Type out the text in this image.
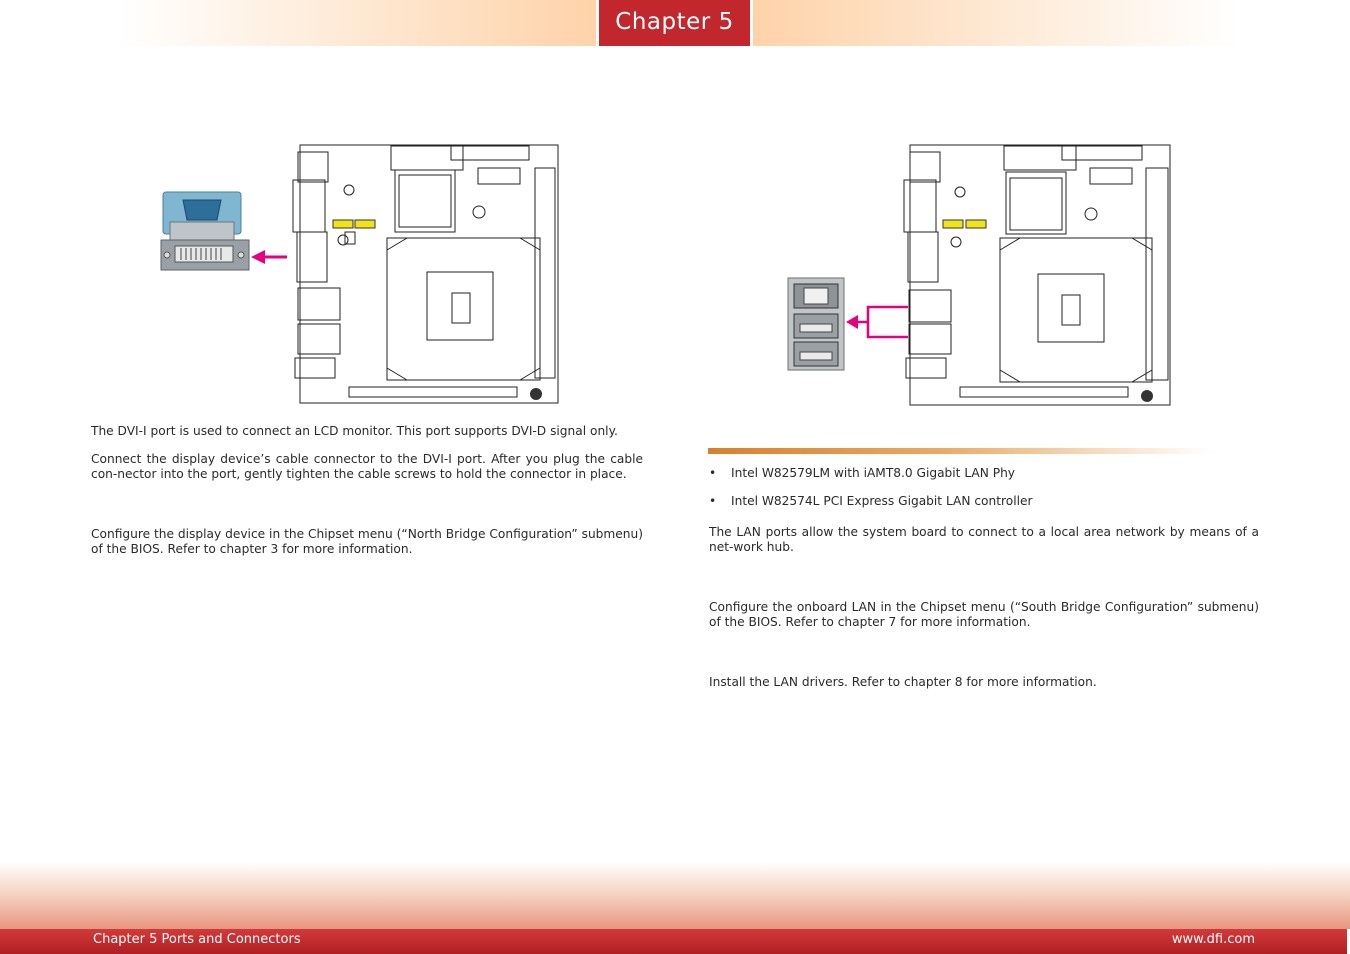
Chapter 5

The DVI-I port is used to connect an LCD monitor. This port supports DVI-D signal only.

Connect the display device’s cable connector to the DVI-I port. After you plug the cable con-nector into the port, gently tighten the cable screws to hold the connector in place.

Configure the display device in the Chipset menu (“North Bridge Configuration” submenu) of the BIOS. Refer to chapter 3 for more information.

• Intel W82579LM with iAMT8.0 Gigabit LAN Phy
• Intel W82574L PCI Express Gigabit LAN controller

The LAN ports allow the system board to connect to a local area network by means of a net-work hub.

Configure the onboard LAN in the Chipset menu (“South Bridge Configuration” submenu) of the BIOS. Refer to chapter 7 for more information.

Install the LAN drivers. Refer to chapter 8 for more information.

Chapter 5 Ports and Connectors	www.dfi.com
